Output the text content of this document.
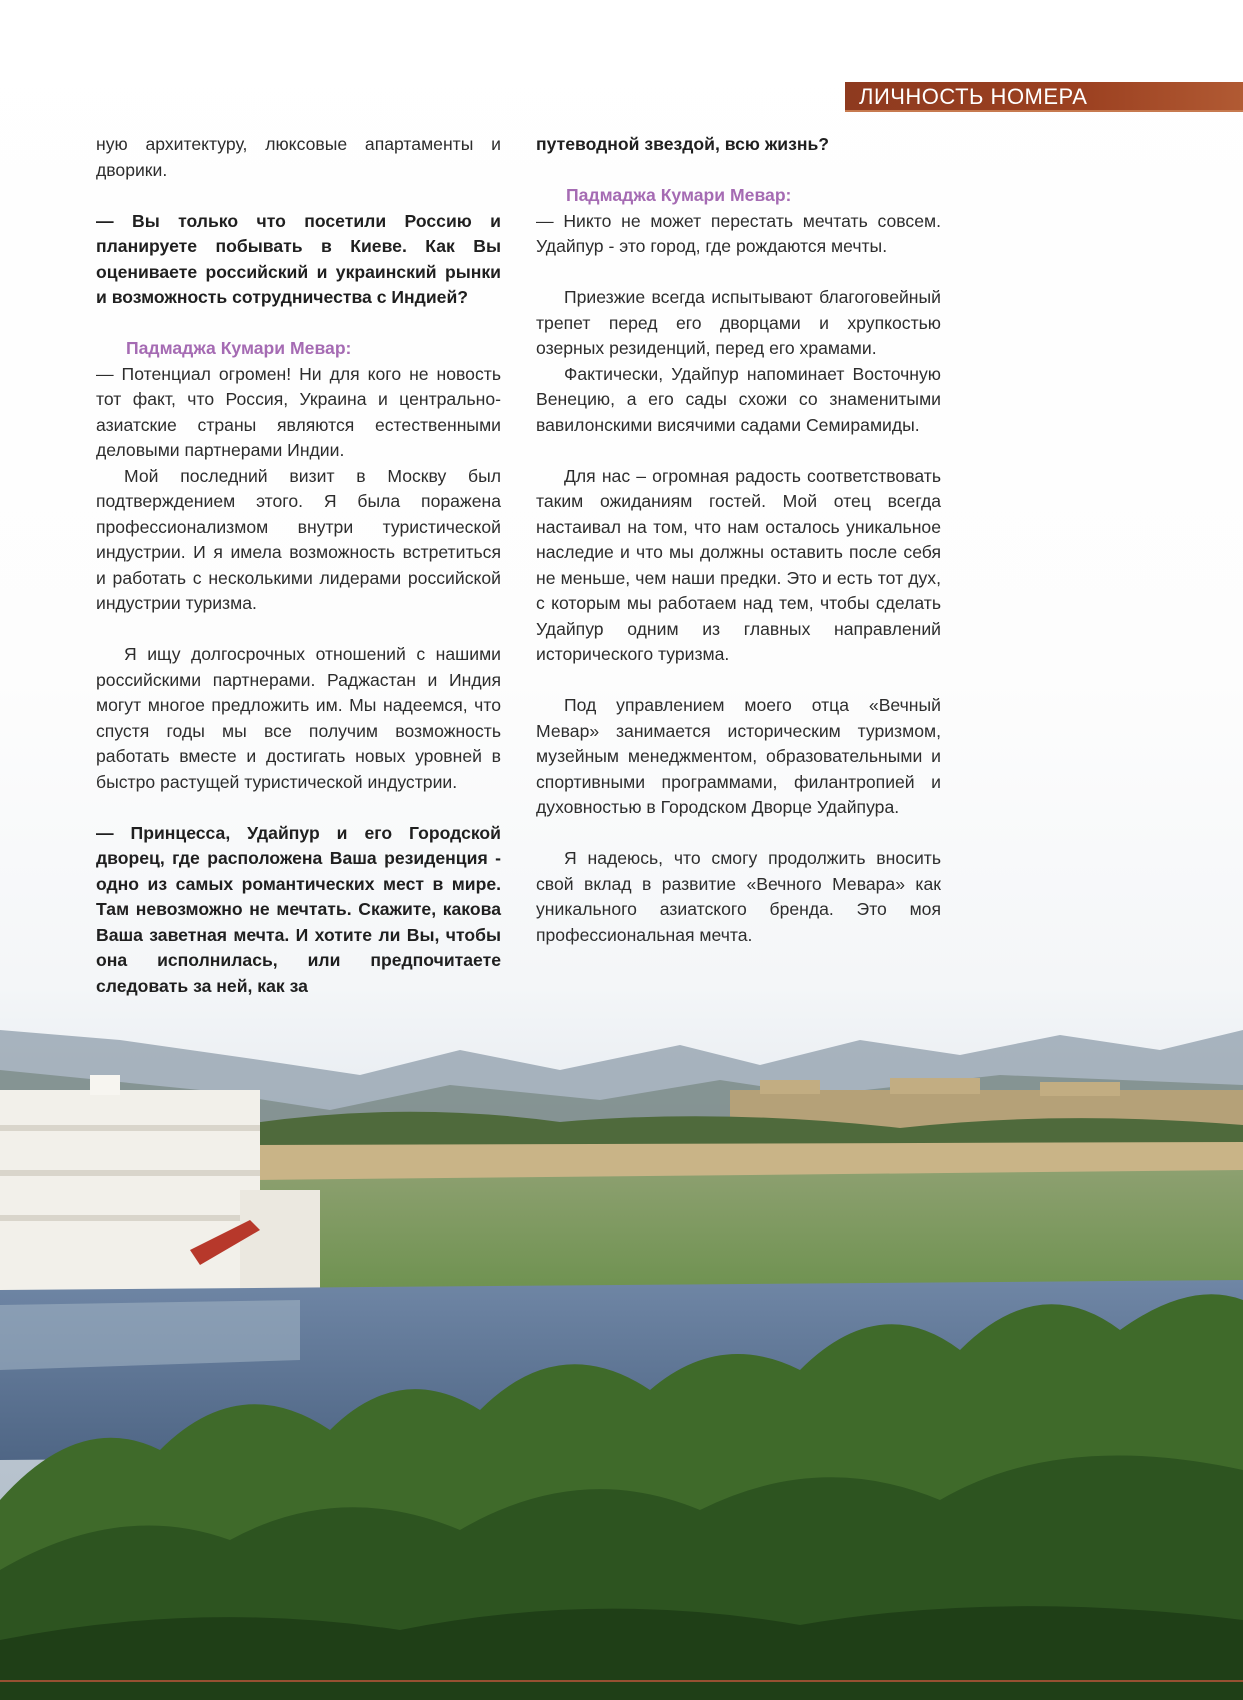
ЛИЧНОСТЬ НОМЕРА

ную архитектуру, люксовые апартаменты и дворики.

— Вы только что посетили Россию и планируете побывать в Киеве. Как Вы оцениваете российский и украинский рынки и возможность сотрудничества с Индией?

Падмаджа Кумари Мевар:

— Потенциал огромен! Ни для кого не новость тот факт, что Россия, Украина и центрально-азиатские страны являются естественными деловыми партнерами Индии.

Мой последний визит в Москву был подтверждением этого. Я была поражена профессионализмом внутри туристической индустрии. И я имела возможность встретиться и работать с несколькими лидерами российской индустрии туризма.

Я ищу долгосрочных отношений с нашими российскими партнерами. Раджастан и Индия могут многое предложить им. Мы надеемся, что спустя годы мы все получим возможность работать вместе и достигать новых уровней в быстро растущей туристической индустрии.

— Принцесса, Удайпур и его Городской дворец, где расположена Ваша резиденция - одно из самых романтических мест в мире. Там невозможно не мечтать. Скажите, какова Ваша заветная мечта. И хотите ли Вы, чтобы она исполнилась, или предпочитаете следовать за ней, как за

путеводной звездой, всю жизнь?

Падмаджа Кумари Мевар:

— Никто не может перестать мечтать совсем. Удайпур - это город, где рождаются мечты.

Приезжие всегда испытывают благоговейный трепет перед его дворцами и хрупкостью озерных резиденций, перед его храмами.

Фактически, Удайпур напоминает Восточную Венецию, а его сады схожи со знаменитыми вавилонскими висячими садами Семирамиды.

Для нас – огромная радость соответствовать таким ожиданиям гостей. Мой отец всегда настаивал на том, что нам осталось уникальное наследие и что мы должны оставить после себя не меньше, чем наши предки. Это и есть тот дух, с которым мы работаем над тем, чтобы сделать Удайпур одним из главных направлений исторического туризма.

Под управлением моего отца «Вечный Мевар» занимается историческим туризмом, музейным менеджментом, образовательными и спортивными программами, филантропией и духовностью в Городском Дворце Удайпура.

Я надеюсь, что смогу продолжить вносить свой вклад в развитие «Вечного Мевара» как уникального азиатского бренда. Это моя профессиональная мечта.
